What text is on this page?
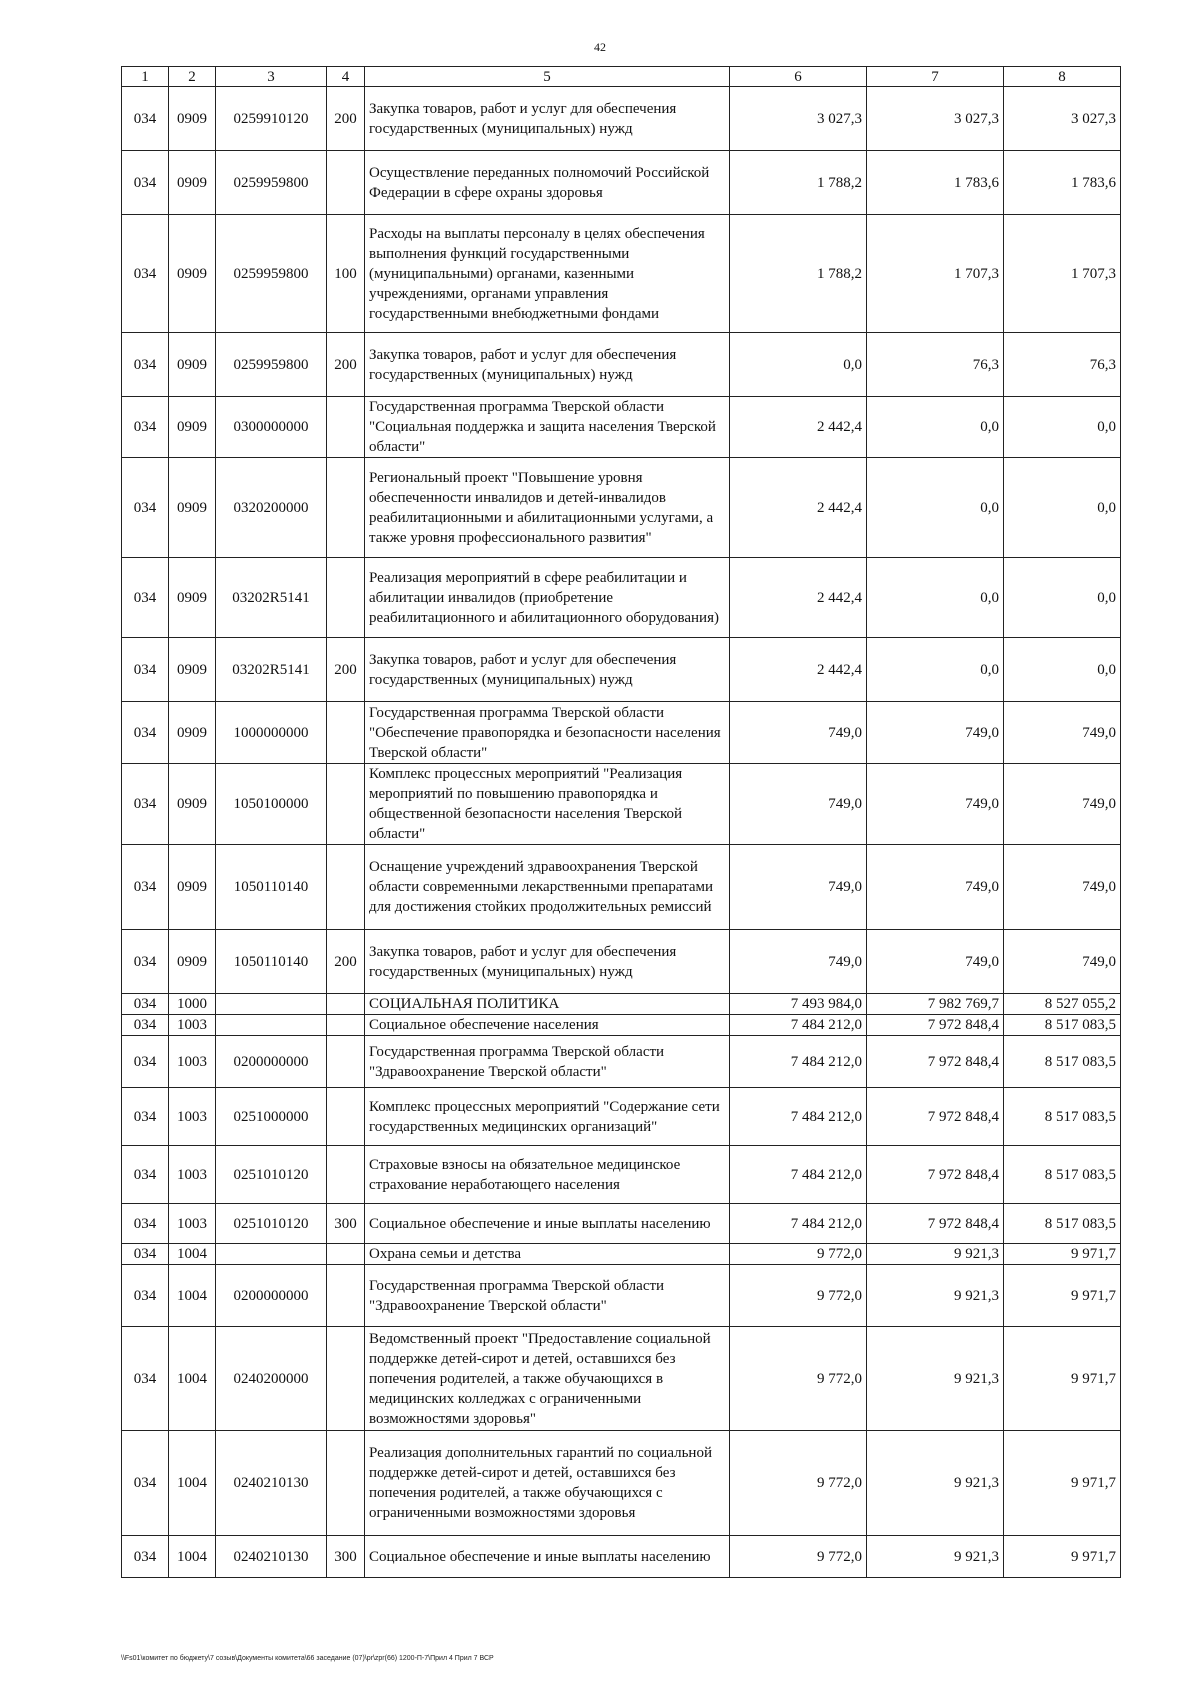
42
1	2	3	4	5	6	7	8
034	0909	0259910120	200	Закупка товаров, работ и услуг для обеспечения государственных (муниципальных) нужд	3 027,3	3 027,3	3 027,3
034	0909	0259959800		Осуществление переданных полномочий Российской Федерации в сфере охраны здоровья	1 788,2	1 783,6	1 783,6
034	0909	0259959800	100	Расходы на выплаты персоналу в целях обеспечения выполнения функций государственными (муниципальными) органами, казенными учреждениями, органами управления государственными внебюджетными фондами	1 788,2	1 707,3	1 707,3
034	0909	0259959800	200	Закупка товаров, работ и услуг для обеспечения государственных (муниципальных) нужд	0,0	76,3	76,3
034	0909	0300000000		Государственная программа Тверской области "Социальная поддержка и защита населения Тверской области"	2 442,4	0,0	0,0
034	0909	0320200000		Региональный проект "Повышение уровня обеспеченности инвалидов и детей-инвалидов реабилитационными и абилитационными услугами, а также уровня профессионального развития"	2 442,4	0,0	0,0
034	0909	03202R5141		Реализация мероприятий в сфере реабилитации и абилитации инвалидов (приобретение реабилитационного и абилитационного оборудования)	2 442,4	0,0	0,0
034	0909	03202R5141	200	Закупка товаров, работ и услуг для обеспечения государственных (муниципальных) нужд	2 442,4	0,0	0,0
034	0909	1000000000		Государственная программа Тверской области "Обеспечение правопорядка и безопасности населения Тверской области"	749,0	749,0	749,0
034	0909	1050100000		Комплекс процессных мероприятий "Реализация мероприятий по повышению правопорядка и общественной безопасности населения Тверской области"	749,0	749,0	749,0
034	0909	1050110140		Оснащение учреждений здравоохранения Тверской области современными лекарственными препаратами для достижения стойких продолжительных ремиссий	749,0	749,0	749,0
034	0909	1050110140	200	Закупка товаров, работ и услуг для обеспечения государственных (муниципальных) нужд	749,0	749,0	749,0
034	1000			СОЦИАЛЬНАЯ ПОЛИТИКА	7 493 984,0	7 982 769,7	8 527 055,2
034	1003			Социальное обеспечение населения	7 484 212,0	7 972 848,4	8 517 083,5
034	1003	0200000000		Государственная программа Тверской области "Здравоохранение Тверской области"	7 484 212,0	7 972 848,4	8 517 083,5
034	1003	0251000000		Комплекс процессных мероприятий "Содержание сети государственных медицинских организаций"	7 484 212,0	7 972 848,4	8 517 083,5
034	1003	0251010120		Страховые взносы на обязательное медицинское страхование неработающего населения	7 484 212,0	7 972 848,4	8 517 083,5
034	1003	0251010120	300	Социальное обеспечение и иные выплаты населению	7 484 212,0	7 972 848,4	8 517 083,5
034	1004			Охрана семьи и детства	9 772,0	9 921,3	9 971,7
034	1004	0200000000		Государственная программа Тверской области "Здравоохранение Тверской области"	9 772,0	9 921,3	9 971,7
034	1004	0240200000		Ведомственный проект "Предоставление социальной поддержке детей-сирот и детей, оставшихся без попечения родителей, а также обучающихся в медицинских колледжах с ограниченными возможностями здоровья"	9 772,0	9 921,3	9 971,7
034	1004	0240210130		Реализация дополнительных гарантий по социальной поддержке детей-сирот и детей, оставшихся без попечения родителей, а также обучающихся с ограниченными возможностями здоровья	9 772,0	9 921,3	9 971,7
034	1004	0240210130	300	Социальное обеспечение и иные выплаты населению	9 772,0	9 921,3	9 971,7
\\Fs01\комитет по бюджету\7 созыв\Документы комитета\66 заседание (07)\pr\zpr(66) 1200-П-7\Прил 4 Прил 7 ВСР
